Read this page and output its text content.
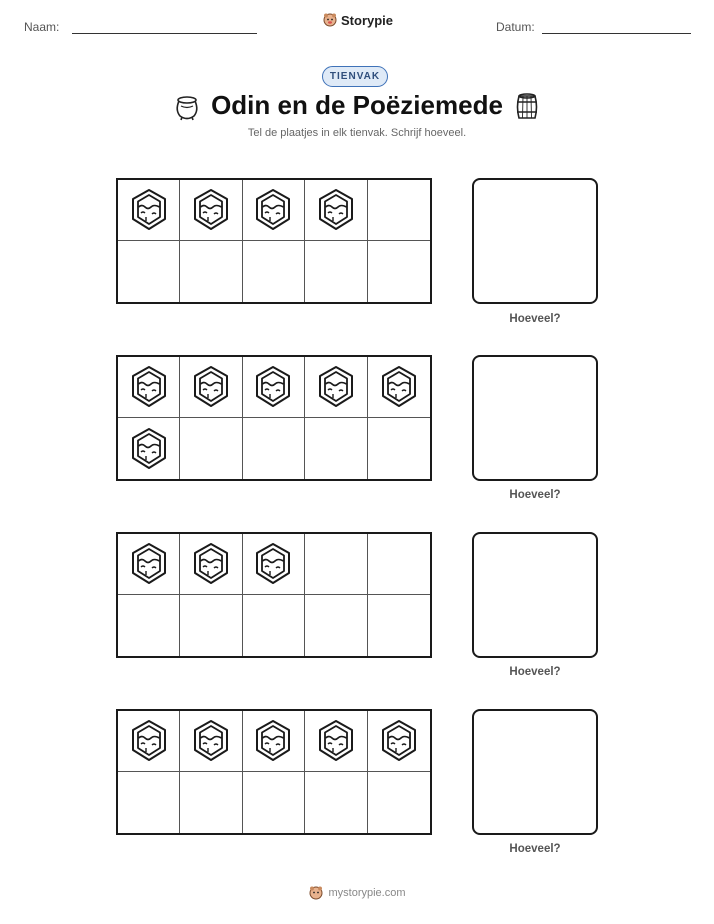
Naam:	Storypie	Datum:
TIENVAK
Odin en de Poëziemede
Tel de plaatjes in elk tienvak. Schrijf hoeveel.
Hoeveel?
Hoeveel?
Hoeveel?
Hoeveel?
mystorypie.com
